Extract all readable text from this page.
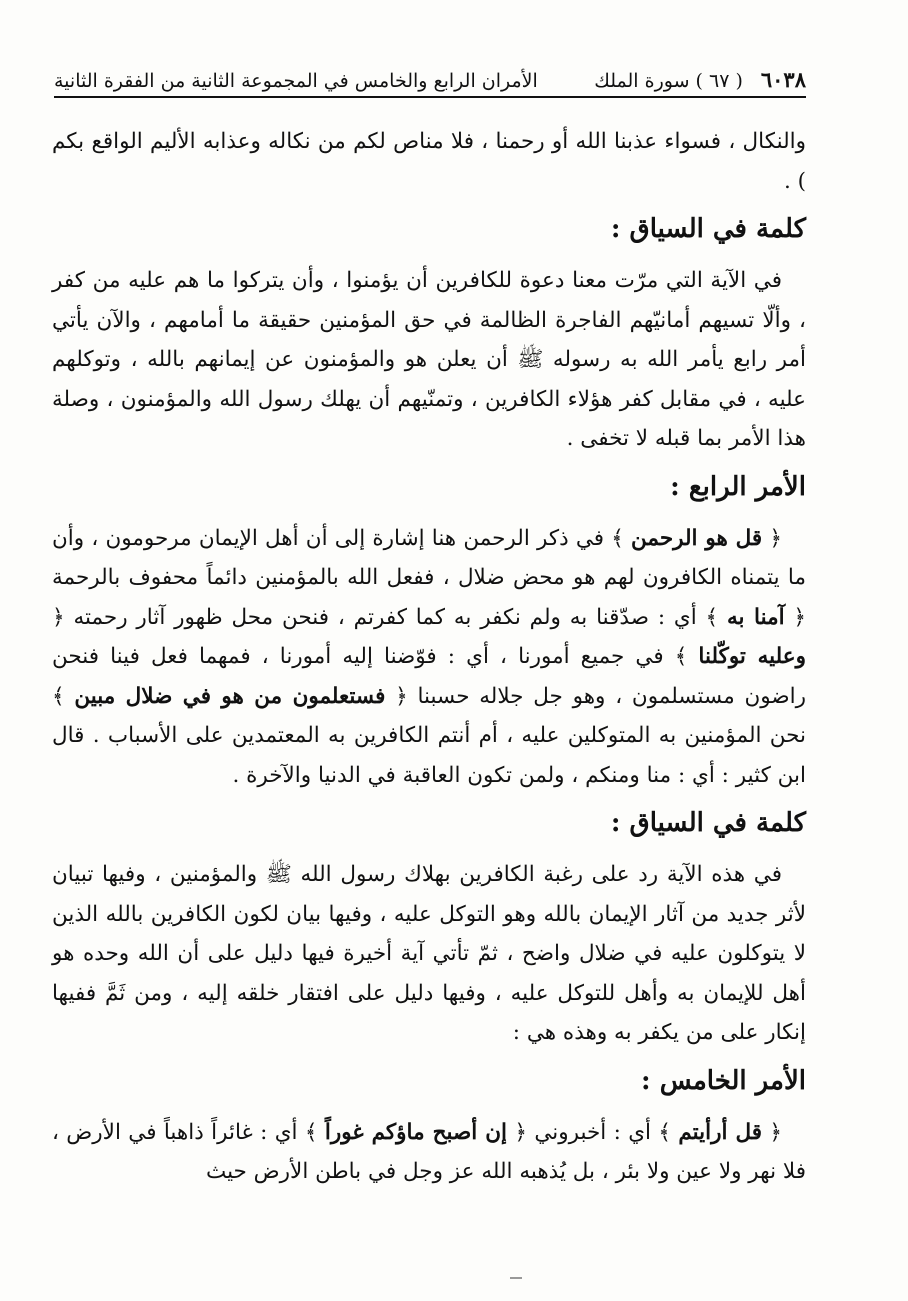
٦٠٣٨
( ٦٧ ) سورة الملك
الأمران الرابع والخامس في المجموعة الثانية من الفقرة الثانية

والنكال ، فسواء عذبنا الله أو رحمنا ، فلا مناص لكم من نكاله وعذابه الأليم الواقع بكم ) .

كلمة في السياق :

في الآية التي مرّت معنا دعوة للكافرين أن يؤمنوا ، وأن يتركوا ما هم عليه من كفر ، وألّا تسيهم أمانيّهم الفاجرة الظالمة في حق المؤمنين حقيقة ما أمامهم ، والآن يأتي أمر رابع يأمر الله به رسوله ﷺ أن يعلن هو والمؤمنون عن إيمانهم بالله ، وتوكلهم عليه ، في مقابل كفر هؤلاء الكافرين ، وتمنّيهم أن يهلك رسول الله والمؤمنون ، وصلة هذا الأمر بما قبله لا تخفى .

الأمر الرابع :

﴿ قل هو الرحمن ﴾ في ذكر الرحمن هنا إشارة إلى أن أهل الإيمان مرحومون ، وأن ما يتمناه الكافرون لهم هو محض ضلال ، ففعل الله بالمؤمنين دائماً محفوف بالرحمة ﴿ آمنا به ﴾ أي : صدّقنا به ولم نكفر به كما كفرتم ، فنحن محل ظهور آثار رحمته ﴿ وعليه توكّلنا ﴾ في جميع أمورنا ، أي : فوّضنا إليه أمورنا ، فمهما فعل فينا فنحن راضون مستسلمون ، وهو جل جلاله حسبنا ﴿ فستعلمون من هو في ضلال مبين ﴾ نحن المؤمنين به المتوكلين عليه ، أم أنتم الكافرين به المعتمدين على الأسباب . قال ابن كثير : أي : منا ومنكم ، ولمن تكون العاقبة في الدنيا والآخرة .

كلمة في السياق :

في هذه الآية رد على رغبة الكافرين بهلاك رسول الله ﷺ والمؤمنين ، وفيها تبيان لأثر جديد من آثار الإيمان بالله وهو التوكل عليه ، وفيها بيان لكون الكافرين بالله الذين لا يتوكلون عليه في ضلال واضح ، ثمّ تأتي آية أخيرة فيها دليل على أن الله وحده هو أهل للإيمان به وأهل للتوكل عليه ، وفيها دليل على افتقار خلقه إليه ، ومن ثَمَّ ففيها إنكار على من يكفر به وهذه هي :

الأمر الخامس :

﴿ قل أرأيتم ﴾ أي : أخبروني ﴿ إن أصبح ماؤكم غوراً ﴾ أي : غائراً ذاهباً في الأرض ، فلا نهر ولا عين ولا بئر ، بل يُذهبه الله عز وجل في باطن الأرض حيث
